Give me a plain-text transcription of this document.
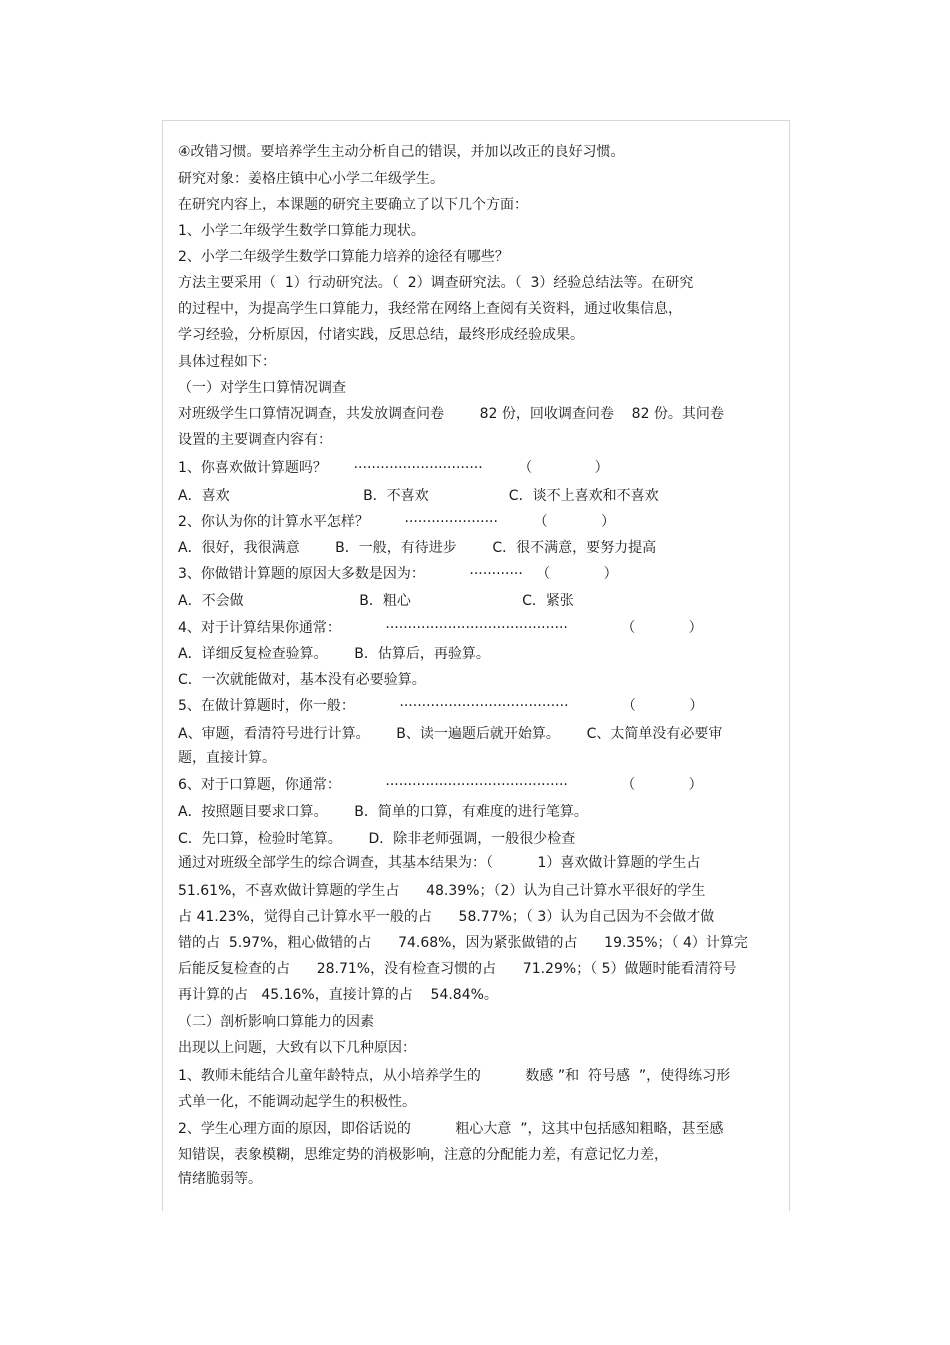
④改错习惯。要培养学生主动分析自己的错误，并加以改正的良好习惯。
研究对象：姜格庄镇中心小学二年级学生。
在研究内容上，本课题的研究主要确立了以下几个方面：
1、小学二年级学生数学口算能力现状。
2、小学二年级学生数学口算能力培养的途径有哪些？
方法主要采用（  1）行动研究法。（  2）调查研究法。（  3）经验总结法等。在研究
的过程中，为提高学生口算能力，我经常在网络上查阅有关资料，通过收集信息，
学习经验，分析原因，付诸实践，反思总结，最终形成经验成果。
具体过程如下：
（一）对学生口算情况调查
对班级学生口算情况调查，共发放调查问卷        82 份，回收调查问卷    82 份。其问卷
设置的主要调查内容有：
1、你喜欢做计算题吗？      ·····························        （              ）
A．喜欢                              B．不喜欢                  C．谈不上喜欢和不喜欢
2、你认为你的计算水平怎样？        ·····················        （            ）
A．很好，我很满意        B．一般，有待进步        C．很不满意，要努力提高
3、你做错计算题的原因大多数是因为：          ············   （            ）
A．不会做                          B．粗心                         C．紧张
4、对于计算结果你通常：          ·········································            （            ）
A．详细反复检查验算。      B．估算后，再验算。
C．一次就能做对，基本没有必要验算。
5、在做计算题时，你一般：          ······································            （            ）
A、审题，看清符号进行计算。      B、读一遍题后就开始算。      C、太简单没有必要审
题，直接计算。
6、对于口算题，你通常：          ·········································            （            ）
A．按照题目要求口算。      B．简单的口算，有难度的进行笔算。
C．先口算，检验时笔算。      D．除非老师强调，一般很少检查
通过对班级全部学生的综合调查，其基本结果为：（          1）喜欢做计算题的学生占
51.61%，不喜欢做计算题的学生占      48.39%；（2）认为自己计算水平很好的学生
占 41.23%，觉得自己计算水平一般的占      58.77%；（ 3）认为自己因为不会做才做
错的占  5.97%，粗心做错的占      74.68%，因为紧张做错的占      19.35%；（ 4）计算完
后能反复检查的占      28.71%，没有检查习惯的占      71.29%；（ 5）做题时能看清符号
再计算的占   45.16%，直接计算的占    54.84%。
（二）剖析影响口算能力的因素
出现以上问题，大致有以下几种原因：
1、教师未能结合儿童年龄特点，从小培养学生的          数感 ”和  符号感  ”，使得练习形
式单一化，不能调动起学生的积极性。
2、学生心理方面的原因，即俗话说的          粗心大意  ”，这其中包括感知粗略，甚至感
知错误，表象模糊，思维定势的消极影响，注意的分配能力差，有意记忆力差，
情绪脆弱等。
